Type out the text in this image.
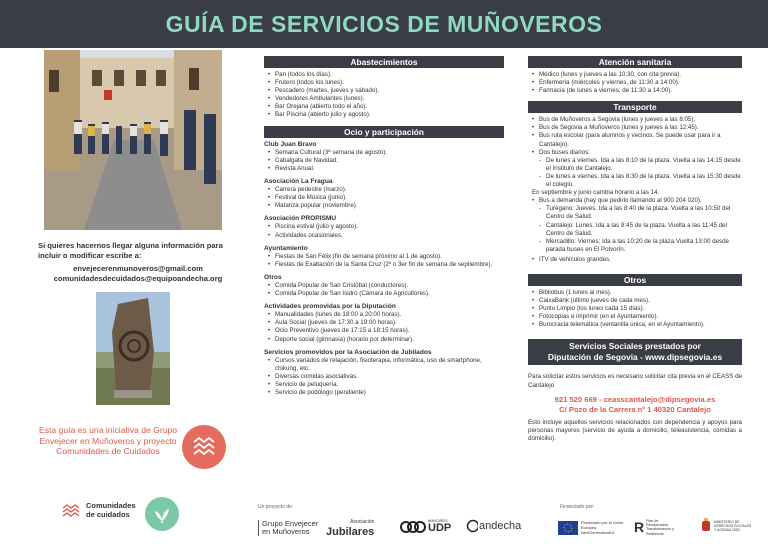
GUÍA DE SERVICIOS DE MUÑOVEROS
Si quieres hacernos llegar alguna información para incluir o modificar escribe a:
envejecerenmunoveros@gmail.com
comunidadesdecuidados@equipoandecha.org
Esta guía es una iniciativa de Grupo Envejecer en Muñoveros y proyecto Comunidades de Cuidados
Comunidades
de cuidados
Abastecimientos
• Pan (todos los días).
• Frutero (todos los lunes).
• Pescadero (martes, jueves y sábado).
• Vendedores Ambulantes (lunes).
• Bar Orejana (abierto todo el año).
• Bar Piscina (abierto julio y agosto).
Ocio y participación
Club Juan Bravo
• Semana Cultural (3ª semana de agosto).
• Cabalgata de Navidad.
• Revista Anual.
Asociación La Fragua
• Carrera pedestre (marzo).
• Festival de Música (junio).
• Matanza popular (noviembre).
Asociación PROPISMU
• Piscina estival (julio y agosto).
• Actividades ocasionales.
Ayuntamiento
• Fiestas de San Félix (fin de semana próximo al 1 de agosto).
• Fiestas de Exaltación de la Santa Cruz (2º o 3er fin de semana de septiembre).
Otros
• Comida Popular de San Cristóbal (conductores).
• Comida Popular de San Isidro (Cámara de Agricultores).
Actividades promovidas por la Diputación
• Manualidades (lunes de 18:00 a 20:00 horas).
• Aula Social (jueves de 17:30 a 19:00 horas).
• Ocio Preventivo (jueves de 17:15 a 18:15 horas).
• Deporte social (gimnasia) (horario por determinar).
Servicios promovidos por la Asociación de Jubilados
• Cursos variados de relajación, fisioterapia, informática, uso de smartphone, chikung, etc.
• Diversas comidas asociativas.
• Servicio de peluquería.
• Servicio de podólogo (pendiente)
Atención sanitaria
• Médico (lunes y jueves a las 10:30, con cita previa).
• Enfermería (miércoles y viernes, de 11:30 a 14:00).
• Farmacia (de lunes a viernes, de 11:30 a 14:00).
Transporte
• Bus de Muñoveros a Segovia (lunes y jueves a las 8:05).
• Bus de Segovia a Muñoveros (lunes y jueves a las 12:45).
• Bus ruta escolar (para alumnos y vecinos. Se puede usar para ir a Cantalejo).
• Dos buses diarios:
- De lunes a viernes. Ida a las 8:10 de la plaza. Vuelta a las 14:15 desde el Instituto de Cantalejo.
- De lunes a viernes. Ida a las 8:30 de la plaza. Vuelta a las 15:30 desde el colegio.
En septiembre y junio cambia horario a las 14.
• Bus a demanda (hay que pedirlo llamando al 900 204 020).
- Turégano: Jueves. Ida a las 8:40 de la plaza. Vuelta a las 10:50 del Centro de Salud.
- Cantalejo: Lunes. Ida a las 8:45 de la plaza. Vuelta a las 11:45 del Centro de Salud.
- Mercadillo: Viernes: Ida a las 10:20 de la plaza.Vuelta 13:00 desde parada buses en El Polvorín.
• ITV de vehículos grandes.
Otros
• Bibliobus (1 lunes al mes).
• CaixaBank (último jueves de cada mes).
• Punto Limpio (los lunes cada 15 días).
• Fotocopias e imprimir (en el Ayuntamiento).
• Burocracia telemática (ventanilla única, en el Ayuntamiento).
Servicios Sociales prestados por
Diputación de Segovia - www.dipsegovia.es
Para solicitar estos servicios es necesario solicitar cita previa en el CEASS de Cantalejo
921 520 669 - ceasscantalejo@dipsegovia.es
C/ Pozo de la Carrera nº 1 40320 Cantalejo
Esto incluye aquellos servicios relacionados con dependencia y apoyos para personas mayores (servicio de ayuda a domicilio, teleasistencia, comidas a domicilio).
Un proyecto de:	Financiado por:
Grupo Envejecer
en Muñoveros
Asociación
Jubilares
MAYORES
UDP	andecha	Financiado por la Unión Europea NextGenerationEU	R Plan de Recuperación, Transformación y Resiliencia
MINISTERIO DE DERECHOS SOCIALES Y AGENDA 2030
